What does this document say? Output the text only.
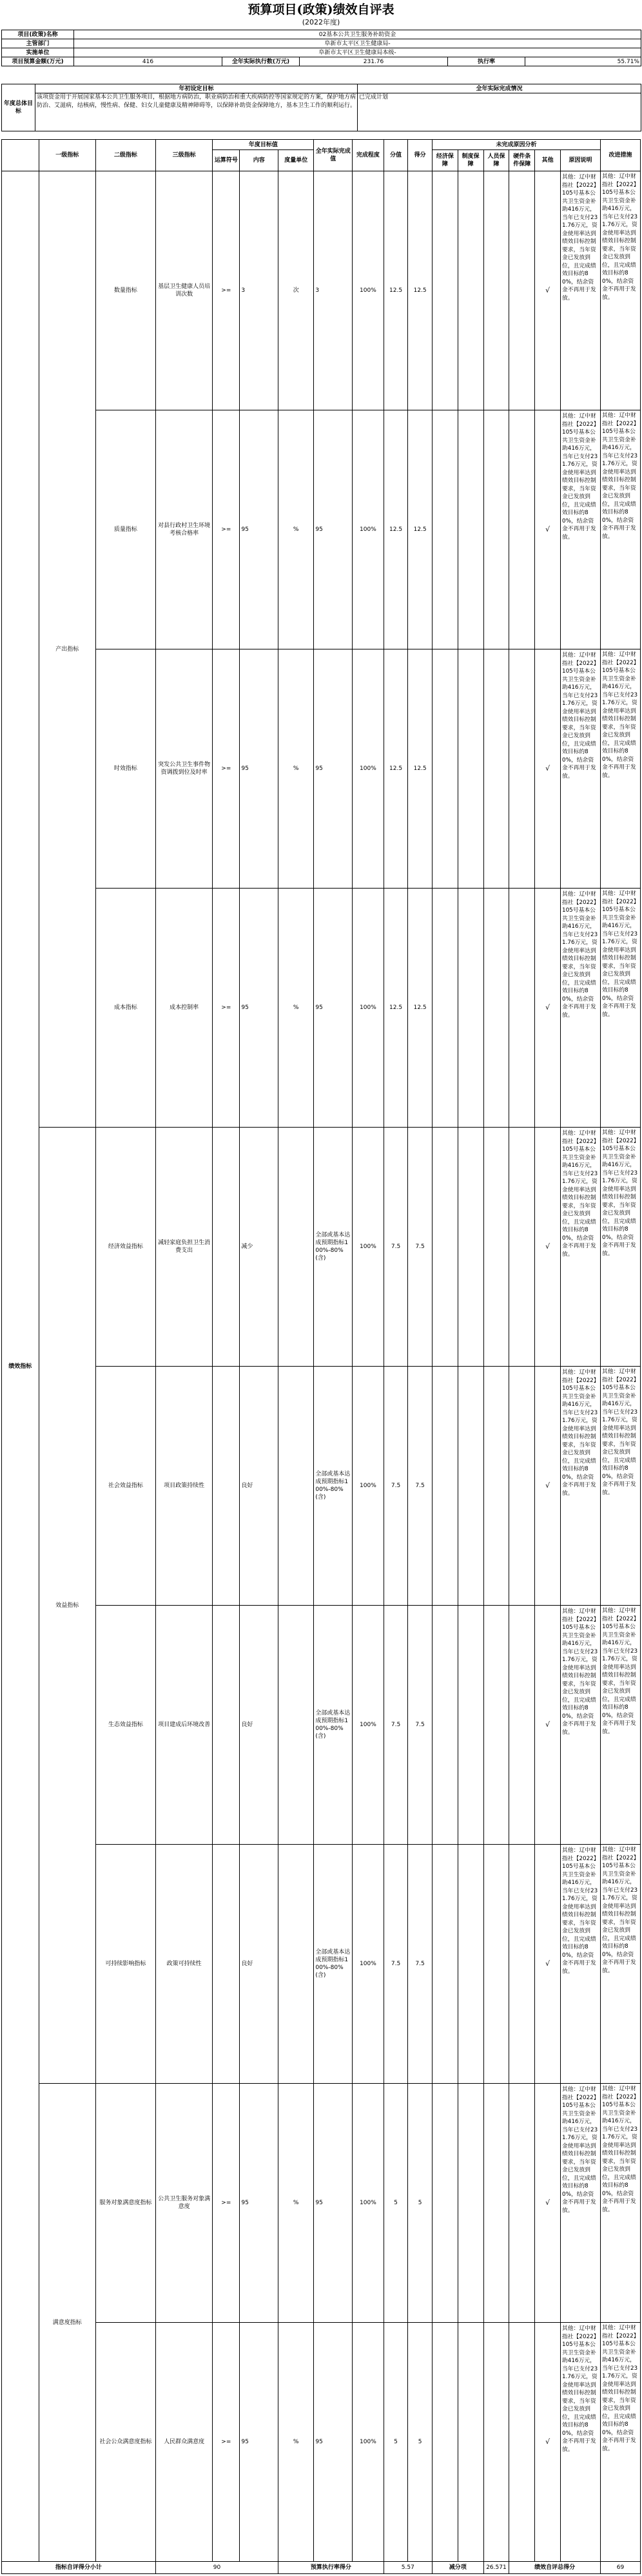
预算项目(政策)绩效自评表
(2022年度)
项目(政策)名称	02基本公共卫生服务补助资金				
主管部门	阜新市太平区卫生健康局-				
实施单位	阜新市太平区卫生健康局本级-				
项目预算金额(万元)	416	全年实际执行数(万元)	231.76	执行率	55.71%
年度总体目标	年初设定目标	全年实际完成情况
	该项资金用于开展国家基本公共卫生服务项目，根据地方病防治，职业病防治和重大疾病防控等国家规定的方案，保护地方病防治、艾滋病，结核病，慢性病、保健、妇女儿童健康及精神障碍等，以保障补助资金保障地方，基本卫生工作的顺利运行。	已完成计划
	一级指标	二级指标	三级指标	年度目标值			全年实际完成值	完成程度	分值	得分	未完成原因分析						改进措施
				运算符号	内容	度量单位					经济保障	制度保障	人员保障	硬件条件保障	其他	原因说明	
绩效指标	产出指标	数量指标	基层卫生健康人员培训次数	>=	3	次	3	100%	12.5	12.5					√	其他：辽中财指社【2022】105号基本公共卫生资金补助416万元，当年已支付231.76万元，资金使用率达到绩效目标控制要求，当年资金已发放到位，且完成绩效目标的80%，结余资金不再用于发放。	其他：辽中财指社【2022】105号基本公共卫生资金补助416万元，当年已支付231.76万元，资金使用率达到绩效目标控制要求，当年资金已发放到位，且完成绩效目标的80%，结余资金不再用于发放。
		质量指标	对县行政村卫生环境考核合格率	>=	95	%	95	100%	12.5	12.5					√	其他：辽中财指社【2022】105号基本公共卫生资金补助416万元，当年已支付231.76万元，资金使用率达到绩效目标控制要求，当年资金已发放到位，且完成绩效目标的80%，结余资金不再用于发放。	其他：辽中财指社【2022】105号基本公共卫生资金补助416万元，当年已支付231.76万元，资金使用率达到绩效目标控制要求，当年资金已发放到位，且完成绩效目标的80%，结余资金不再用于发放。
		时效指标	突发公共卫生事件物资调拨到位及时率	>=	95	%	95	100%	12.5	12.5					√	其他：辽中财指社【2022】105号基本公共卫生资金补助416万元，当年已支付231.76万元，资金使用率达到绩效目标控制要求，当年资金已发放到位，且完成绩效目标的80%，结余资金不再用于发放。	其他：辽中财指社【2022】105号基本公共卫生资金补助416万元，当年已支付231.76万元，资金使用率达到绩效目标控制要求，当年资金已发放到位，且完成绩效目标的80%，结余资金不再用于发放。
		成本指标	成本控制率	>=	95	%	95	100%	12.5	12.5					√	其他：辽中财指社【2022】105号基本公共卫生资金补助416万元，当年已支付231.76万元，资金使用率达到绩效目标控制要求，当年资金已发放到位，且完成绩效目标的80%，结余资金不再用于发放。	其他：辽中财指社【2022】105号基本公共卫生资金补助416万元，当年已支付231.76万元，资金使用率达到绩效目标控制要求，当年资金已发放到位，且完成绩效目标的80%，结余资金不再用于发放。
	效益指标	经济效益指标	减轻家庭负担卫生消费支出		减少		全部或基本达成预期指标100%-80%(含)	100%	7.5	7.5					√	其他：辽中财指社【2022】105号基本公共卫生资金补助416万元，当年已支付231.76万元，资金使用率达到绩效目标控制要求，当年资金已发放到位，且完成绩效目标的80%，结余资金不再用于发放。	其他：辽中财指社【2022】105号基本公共卫生资金补助416万元，当年已支付231.76万元，资金使用率达到绩效目标控制要求，当年资金已发放到位，且完成绩效目标的80%，结余资金不再用于发放。
		社会效益指标	项目政策持续性		良好		全部或基本达成预期指标100%-80%(含)	100%	7.5	7.5					√	其他：辽中财指社【2022】105号基本公共卫生资金补助416万元，当年已支付231.76万元，资金使用率达到绩效目标控制要求，当年资金已发放到位，且完成绩效目标的80%，结余资金不再用于发放。	其他：辽中财指社【2022】105号基本公共卫生资金补助416万元，当年已支付231.76万元，资金使用率达到绩效目标控制要求，当年资金已发放到位，且完成绩效目标的80%，结余资金不再用于发放。
		生态效益指标	项目建成后环境改善		良好		全部或基本达成预期指标100%-80%(含)	100%	7.5	7.5					√	其他：辽中财指社【2022】105号基本公共卫生资金补助416万元，当年已支付231.76万元，资金使用率达到绩效目标控制要求，当年资金已发放到位，且完成绩效目标的80%，结余资金不再用于发放。	其他：辽中财指社【2022】105号基本公共卫生资金补助416万元，当年已支付231.76万元，资金使用率达到绩效目标控制要求，当年资金已发放到位，且完成绩效目标的80%，结余资金不再用于发放。
		可持续影响指标	政策可持续性		良好		全部或基本达成预期指标100%-80%(含)	100%	7.5	7.5					√	其他：辽中财指社【2022】105号基本公共卫生资金补助416万元，当年已支付231.76万元，资金使用率达到绩效目标控制要求，当年资金已发放到位，且完成绩效目标的80%，结余资金不再用于发放。	其他：辽中财指社【2022】105号基本公共卫生资金补助416万元，当年已支付231.76万元，资金使用率达到绩效目标控制要求，当年资金已发放到位，且完成绩效目标的80%，结余资金不再用于发放。
	满意度指标	服务对象满意度指标	公共卫生服务对象满意度	>=	95	%	95	100%	5	5					√	其他：辽中财指社【2022】105号基本公共卫生资金补助416万元，当年已支付231.76万元，资金使用率达到绩效目标控制要求，当年资金已发放到位，且完成绩效目标的80%，结余资金不再用于发放。	其他：辽中财指社【2022】105号基本公共卫生资金补助416万元，当年已支付231.76万元，资金使用率达到绩效目标控制要求，当年资金已发放到位，且完成绩效目标的80%，结余资金不再用于发放。
		社会公众满意度指标	人民群众满意度	>=	95	%	95	100%	5	5					√	其他：辽中财指社【2022】105号基本公共卫生资金补助416万元，当年已支付231.76万元，资金使用率达到绩效目标控制要求，当年资金已发放到位，且完成绩效目标的80%，结余资金不再用于发放。	其他：辽中财指社【2022】105号基本公共卫生资金补助416万元，当年已支付231.76万元，资金使用率达到绩效目标控制要求，当年资金已发放到位，且完成绩效目标的80%，结余资金不再用于发放。
指标自评得分小计			90			预算执行率得分			5.57		减分项		26.571	绩效自评总得分			69
